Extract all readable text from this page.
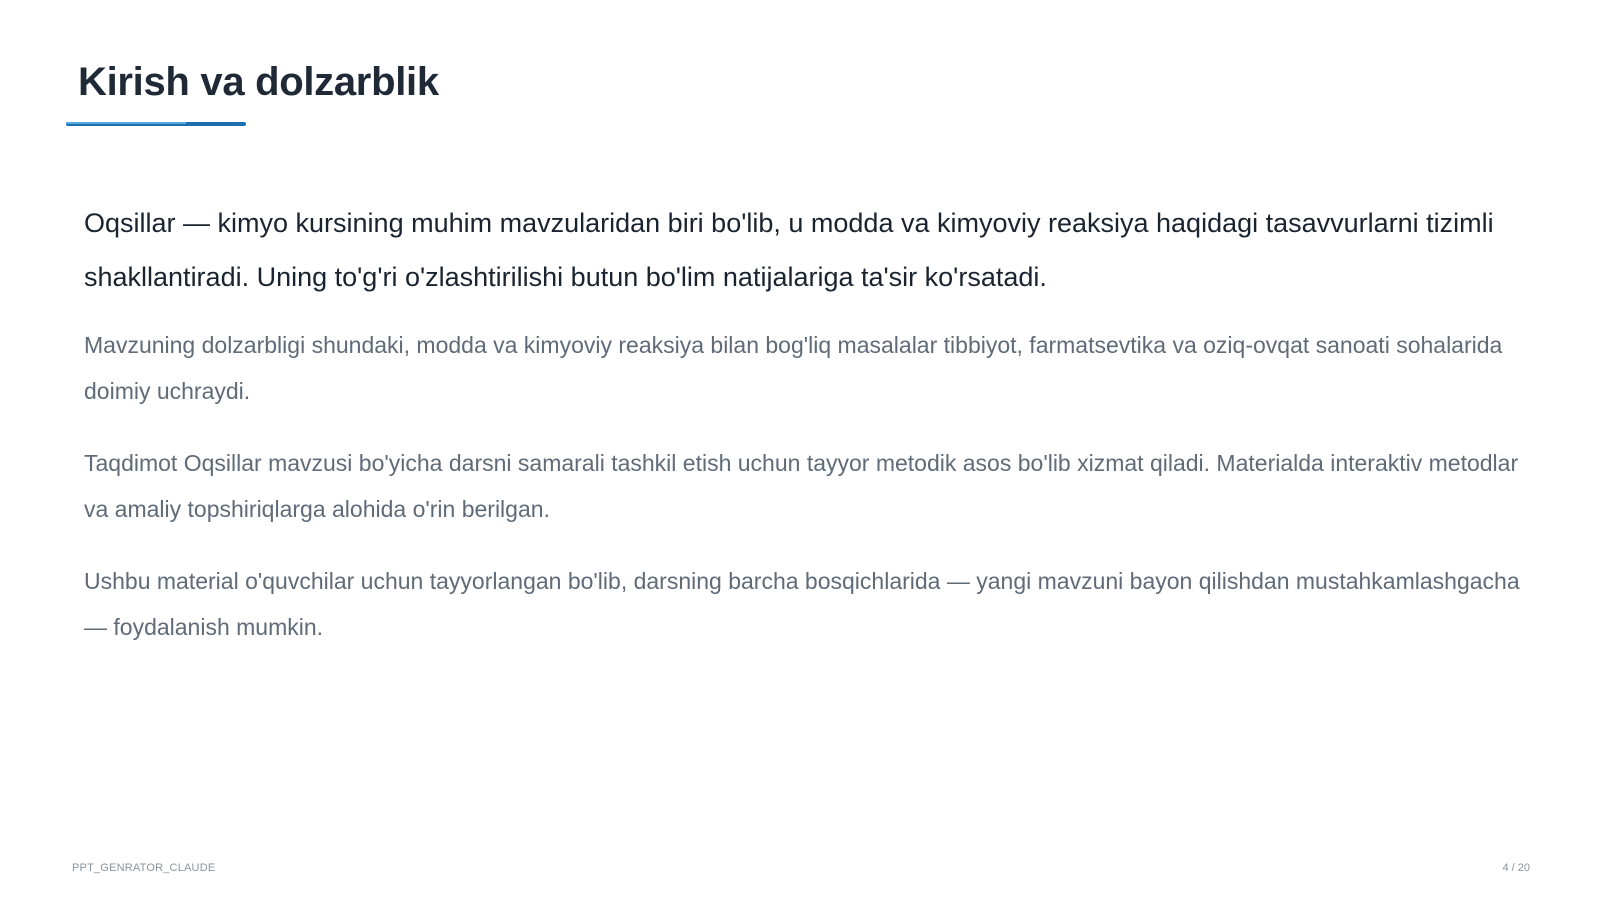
Kirish va dolzarblik

Oqsillar — kimyo kursining muhim mavzularidan biri bo'lib, u modda va kimyoviy reaksiya haqidagi tasavvurlarni tizimli shakllantiradi. Uning to'g'ri o'zlashtirilishi butun bo'lim natijalariga ta'sir ko'rsatadi.

Mavzuning dolzarbligi shundaki, modda va kimyoviy reaksiya bilan bog'liq masalalar tibbiyot, farmatsevtika va oziq-ovqat sanoati sohalarida doimiy uchraydi.

Taqdimot Oqsillar mavzusi bo'yicha darsni samarali tashkil etish uchun tayyor metodik asos bo'lib xizmat qiladi. Materialda interaktiv metodlar va amaliy topshiriqlarga alohida o'rin berilgan.

Ushbu material o'quvchilar uchun tayyorlangan bo'lib, darsning barcha bosqichlarida — yangi mavzuni bayon qilishdan mustahkamlashgacha — foydalanish mumkin.

PPT_GENRATOR_CLAUDE	4 / 20
